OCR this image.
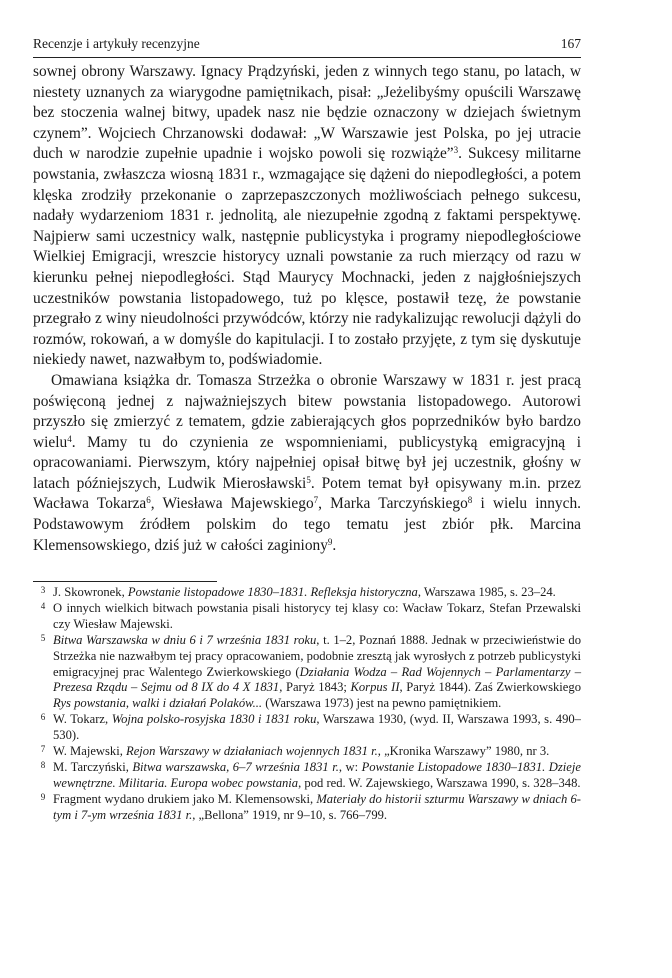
Recenzje i artykuły recenzyjne	167

sownej obrony Warszawy. Ignacy Prądzyński, jeden z winnych tego stanu, po latach, w niestety uznanych za wiarygodne pamiętnikach, pisał: „Jeżelibyśmy opuścili Warszawę bez stoczenia walnej bitwy, upadek nasz nie będzie oznaczony w dziejach świetnym czynem”. Wojciech Chrzanowski dodawał: „W Warszawie jest Polska, po jej utracie duch w narodzie zupełnie upadnie i wojsko powoli się rozwiąże”$^3$. Sukcesy militarne powstania, zwłaszcza wiosną 1831 r., wzmagające się dążeni do niepodległości, a potem klęska zrodziły przekonanie o zaprzepaszczonych możliwościach pełnego sukcesu, nadały wydarzeniom 1831 r. jednolitą, ale niezupełnie zgodną z faktami perspektywę. Najpierw sami uczestnicy walk, następnie publicystyka i programy niepodległościowe Wielkiej Emigracji, wreszcie historycy uznali powstanie za ruch mierzący od razu w kierunku pełnej niepodległości. Stąd Maurycy Mochnacki, jeden z najgłośniejszych uczestników powstania listopadowego, tuż po klęsce, postawił tezę, że powstanie przegrało z winy nieudolności przywódców, którzy nie radykalizując rewolucji dążyli do rozmów, rokowań, a w domyśle do kapitulacji. I to zostało przyjęte, z tym się dyskutuje niekiedy nawet, nazwałbym to, podświadomie.

Omawiana książka dr. Tomasza Strzeżka o obronie Warszawy w 1831 r. jest pracą poświęconą jednej z najważniejszych bitew powstania listopadowego. Autorowi przyszło się zmierzyć z tematem, gdzie zabierających głos poprzedników było bardzo wielu$^4$. Mamy tu do czynienia ze wspomnieniami, publicystyką emigracyjną i opracowaniami. Pierwszym, który najpełniej opisał bitwę był jej uczestnik, głośny w latach późniejszych, Ludwik Mierosławski$^5$. Potem temat był opisywany m.in. przez Wacława Tokarza$^6$, Wiesława Majewskiego$^7$, Marka Tarczyńskiego$^8$ i wielu innych. Podstawowym źródłem polskim do tego tematu jest zbiór płk. Marcina Klemensowskiego, dziś już w całości zaginiony$^9$.

3 J. Skowronek, Powstanie listopadowe 1830–1831. Refleksja historyczna, Warszawa 1985, s. 23–24.
4 O innych wielkich bitwach powstania pisali historycy tej klasy co: Wacław Tokarz, Stefan Przewalski czy Wiesław Majewski.
5 Bitwa Warszawska w dniu 6 i 7 września 1831 roku, t. 1–2, Poznań 1888. Jednak w przeciwieństwie do Strzeżka nie nazwałbym tej pracy opracowaniem, podobnie zresztą jak wyrosłych z potrzeb publicystyki emigracyjnej prac Walentego Zwierkowskiego (Działania Wodza – Rad Wojennych – Parlamentarzy – Prezesa Rządu – Sejmu od 8 IX do 4 X 1831, Paryż 1843; Korpus II, Paryż 1844). Zaś Zwierkowskiego Rys powstania, walki i działań Polaków... (Warszawa 1973) jest na pewno pamiętnikiem.
6 W. Tokarz, Wojna polsko-rosyjska 1830 i 1831 roku, Warszawa 1930, (wyd. II, Warszawa 1993, s. 490–530).
7 W. Majewski, Rejon Warszawy w działaniach wojennych 1831 r., „Kronika Warszawy” 1980, nr 3.
8 M. Tarczyński, Bitwa warszawska, 6–7 września 1831 r., w: Powstanie Listopadowe 1830–1831. Dzieje wewnętrzne. Militaria. Europa wobec powstania, pod red. W. Zajewskiego, Warszawa 1990, s. 328–348.
9 Fragment wydano drukiem jako M. Klemensowski, Materiały do historii szturmu Warszawy w dniach 6-tym i 7-ym września 1831 r., „Bellona” 1919, nr 9–10, s. 766–799.
